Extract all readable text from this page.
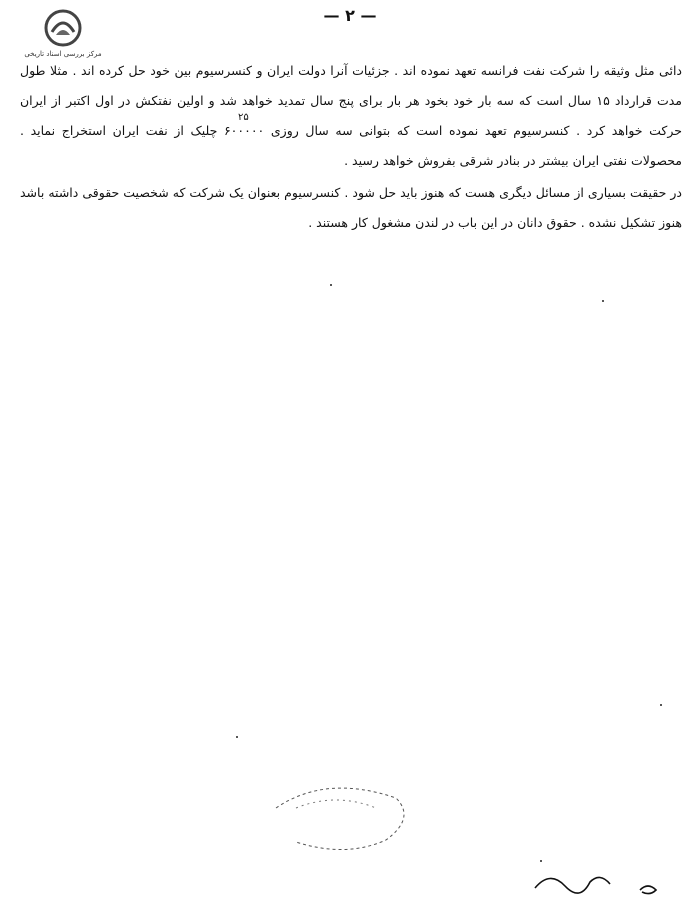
مرکز بررسی اسناد تاریخی
— ۲ —
۲۵

دائی مثل وثیقه را شرکت نفت فرانسه تعهد نموده اند . جزئیات آنرا دولت ایران و کنسرسیوم بین خود حل کرده اند . مثلا طول مدت قرارداد ۱۵ سال است که سه بار خود بخود هر بار برای پنج سال تمدید خواهد شد و اولین نفتکش در اول اکتبر از ایران حرکت خواهد کرد . کنسرسیوم تعهد نموده است که بتوانی سه سال روزی ۶۰۰۰۰۰ چلیک از نفت ایران استخراج نماید . محصولات نفتی ایران بیشتر در بنادر شرقی بفروش خواهد رسید .

در حقیقت بسیاری از مسائل دیگری هست که هنوز باید حل شود . کنسرسیوم بعنوان یک شرکت که شخصیت حقوقی داشته باشد هنوز تشکیل نشده . حقوق دانان در این باب در لندن مشغول کار هستند .
